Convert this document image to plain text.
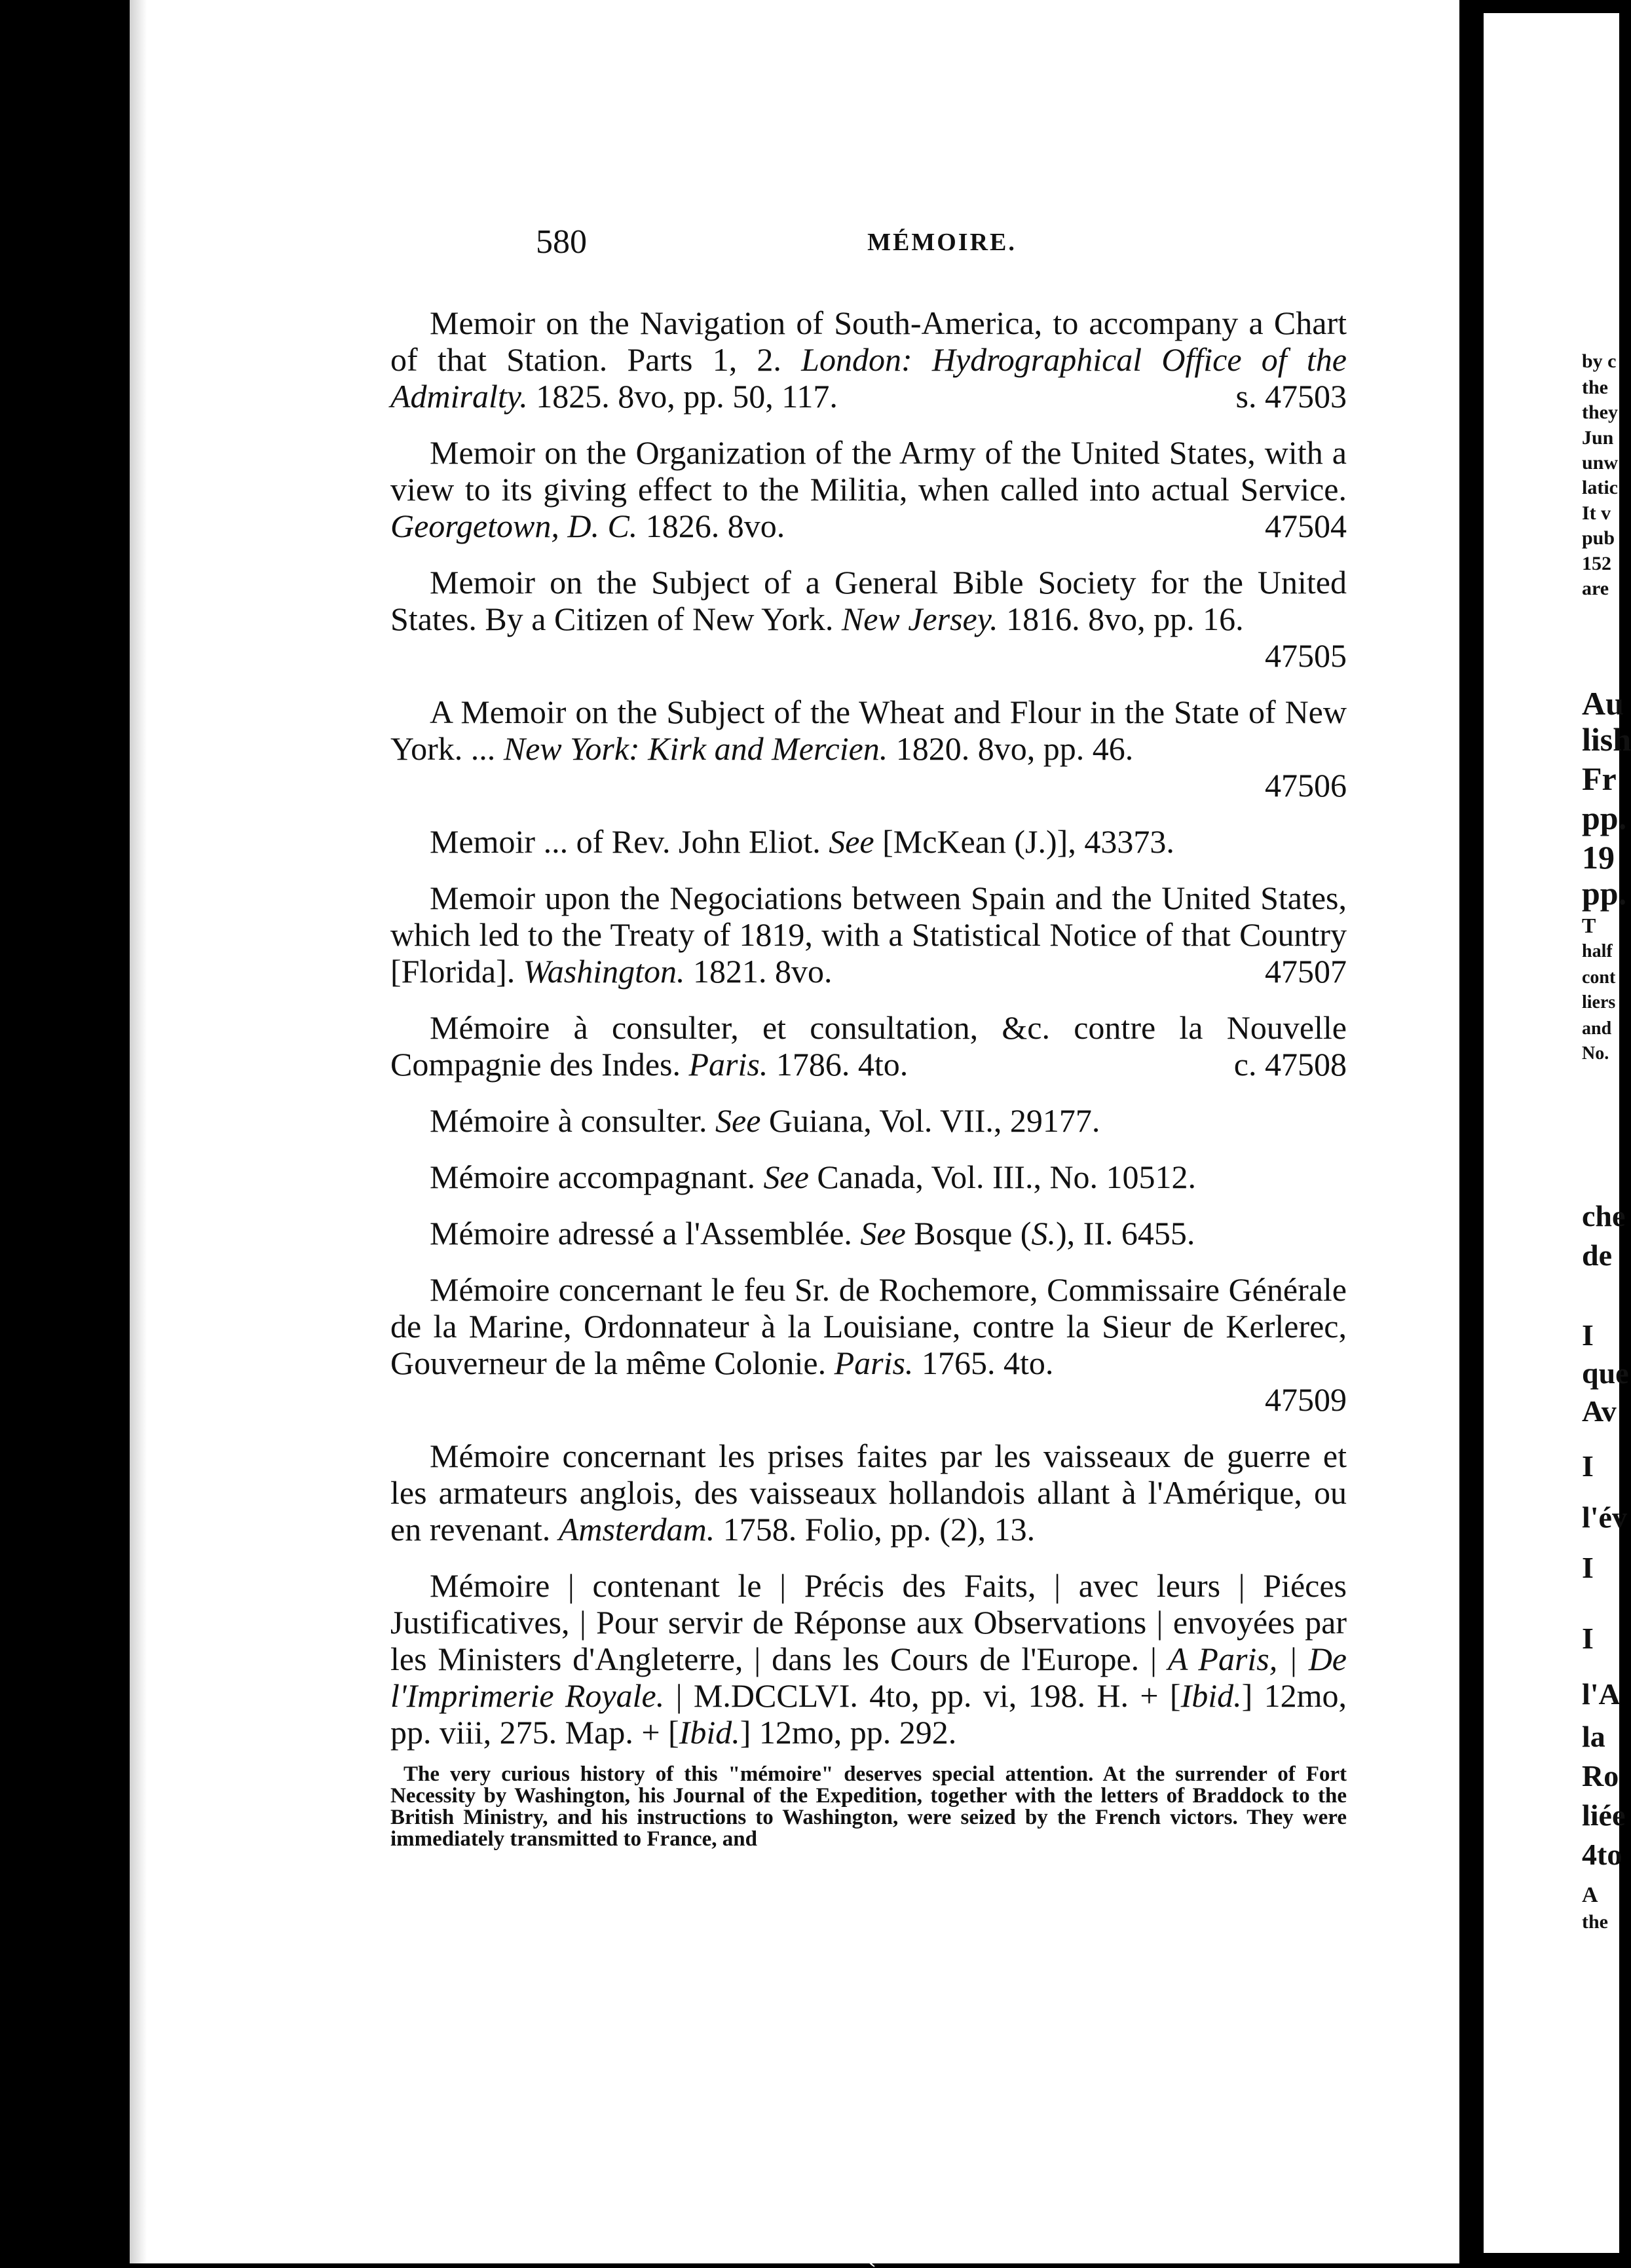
580	MÉMOIRE.

Memoir on the Navigation of South-America, to accompany a Chart of that Station. Parts 1, 2. London: Hydrographical Office of the Admiralty. 1825. 8vo, pp. 50, 117.	s. 47503

Memoir on the Organization of the Army of the United States, with a view to its giving effect to the Militia, when called into actual Service. Georgetown, D. C. 1826. 8vo.	47504

Memoir on the Subject of a General Bible Society for the United States. By a Citizen of New York. New Jersey. 1816. 8vo, pp. 16.
47505

A Memoir on the Subject of the Wheat and Flour in the State of New York. ... New York: Kirk and Mercien. 1820. 8vo, pp. 46.
47506

Memoir ... of Rev. John Eliot. See [McKean (J.)], 43373.

Memoir upon the Negociations between Spain and the United States, which led to the Treaty of 1819, with a Statistical Notice of that Country [Florida]. Washington. 1821. 8vo.	47507

Mémoire à consulter, et consultation, &c. contre la Nouvelle Compagnie des Indes. Paris. 1786. 4to.	c. 47508

Mémoire à consulter. See Guiana, Vol. VII., 29177.

Mémoire accompagnant. See Canada, Vol. III., No. 10512.

Mémoire adressé a l'Assemblée. See Bosque (S.), II. 6455.

Mémoire concernant le feu Sr. de Rochemore, Commissaire Générale de la Marine, Ordonnateur à la Louisiane, contre la Sieur de Kerlerec, Gouverneur de la même Colonie. Paris. 1765. 4to.
47509

Mémoire concernant les prises faites par les vaisseaux de guerre et les armateurs anglois, des vaisseaux hollandois allant à l'Amérique, ou en revenant. Amsterdam. 1758. Folio, pp. (2), 13.

Mémoire | contenant le | Précis des Faits, | avec leurs | Piéces Justificatives, | Pour servir de Réponse aux Observations | envoyées par les Ministers d'Angleterre, | dans les Cours de l'Europe. | A Paris, | De l'Imprimerie Royale. | M.DCCLVI. 4to, pp. vi, 198. H. + [Ibid.] 12mo, pp. viii, 275. Map. + [Ibid.] 12mo, pp. 292.

The very curious history of this "mémoire" deserves special attention. At the surrender of Fort Necessity by Washington, his Journal of the Expedition, together with the letters of Braddock to the British Ministry, and his instructions to Washington, were seized by the French victors. They were immediately transmitted to France, and

by c
the
they
Jun
unw
latic
It v
pub
152
are
Au
lish
Fr
pp.
19
pp.
T
half
cont
liers
and
No.
che
de
I
que
Av
I
l'év
I
I
l'A
la
Ro
liée
4to
A
the
(
